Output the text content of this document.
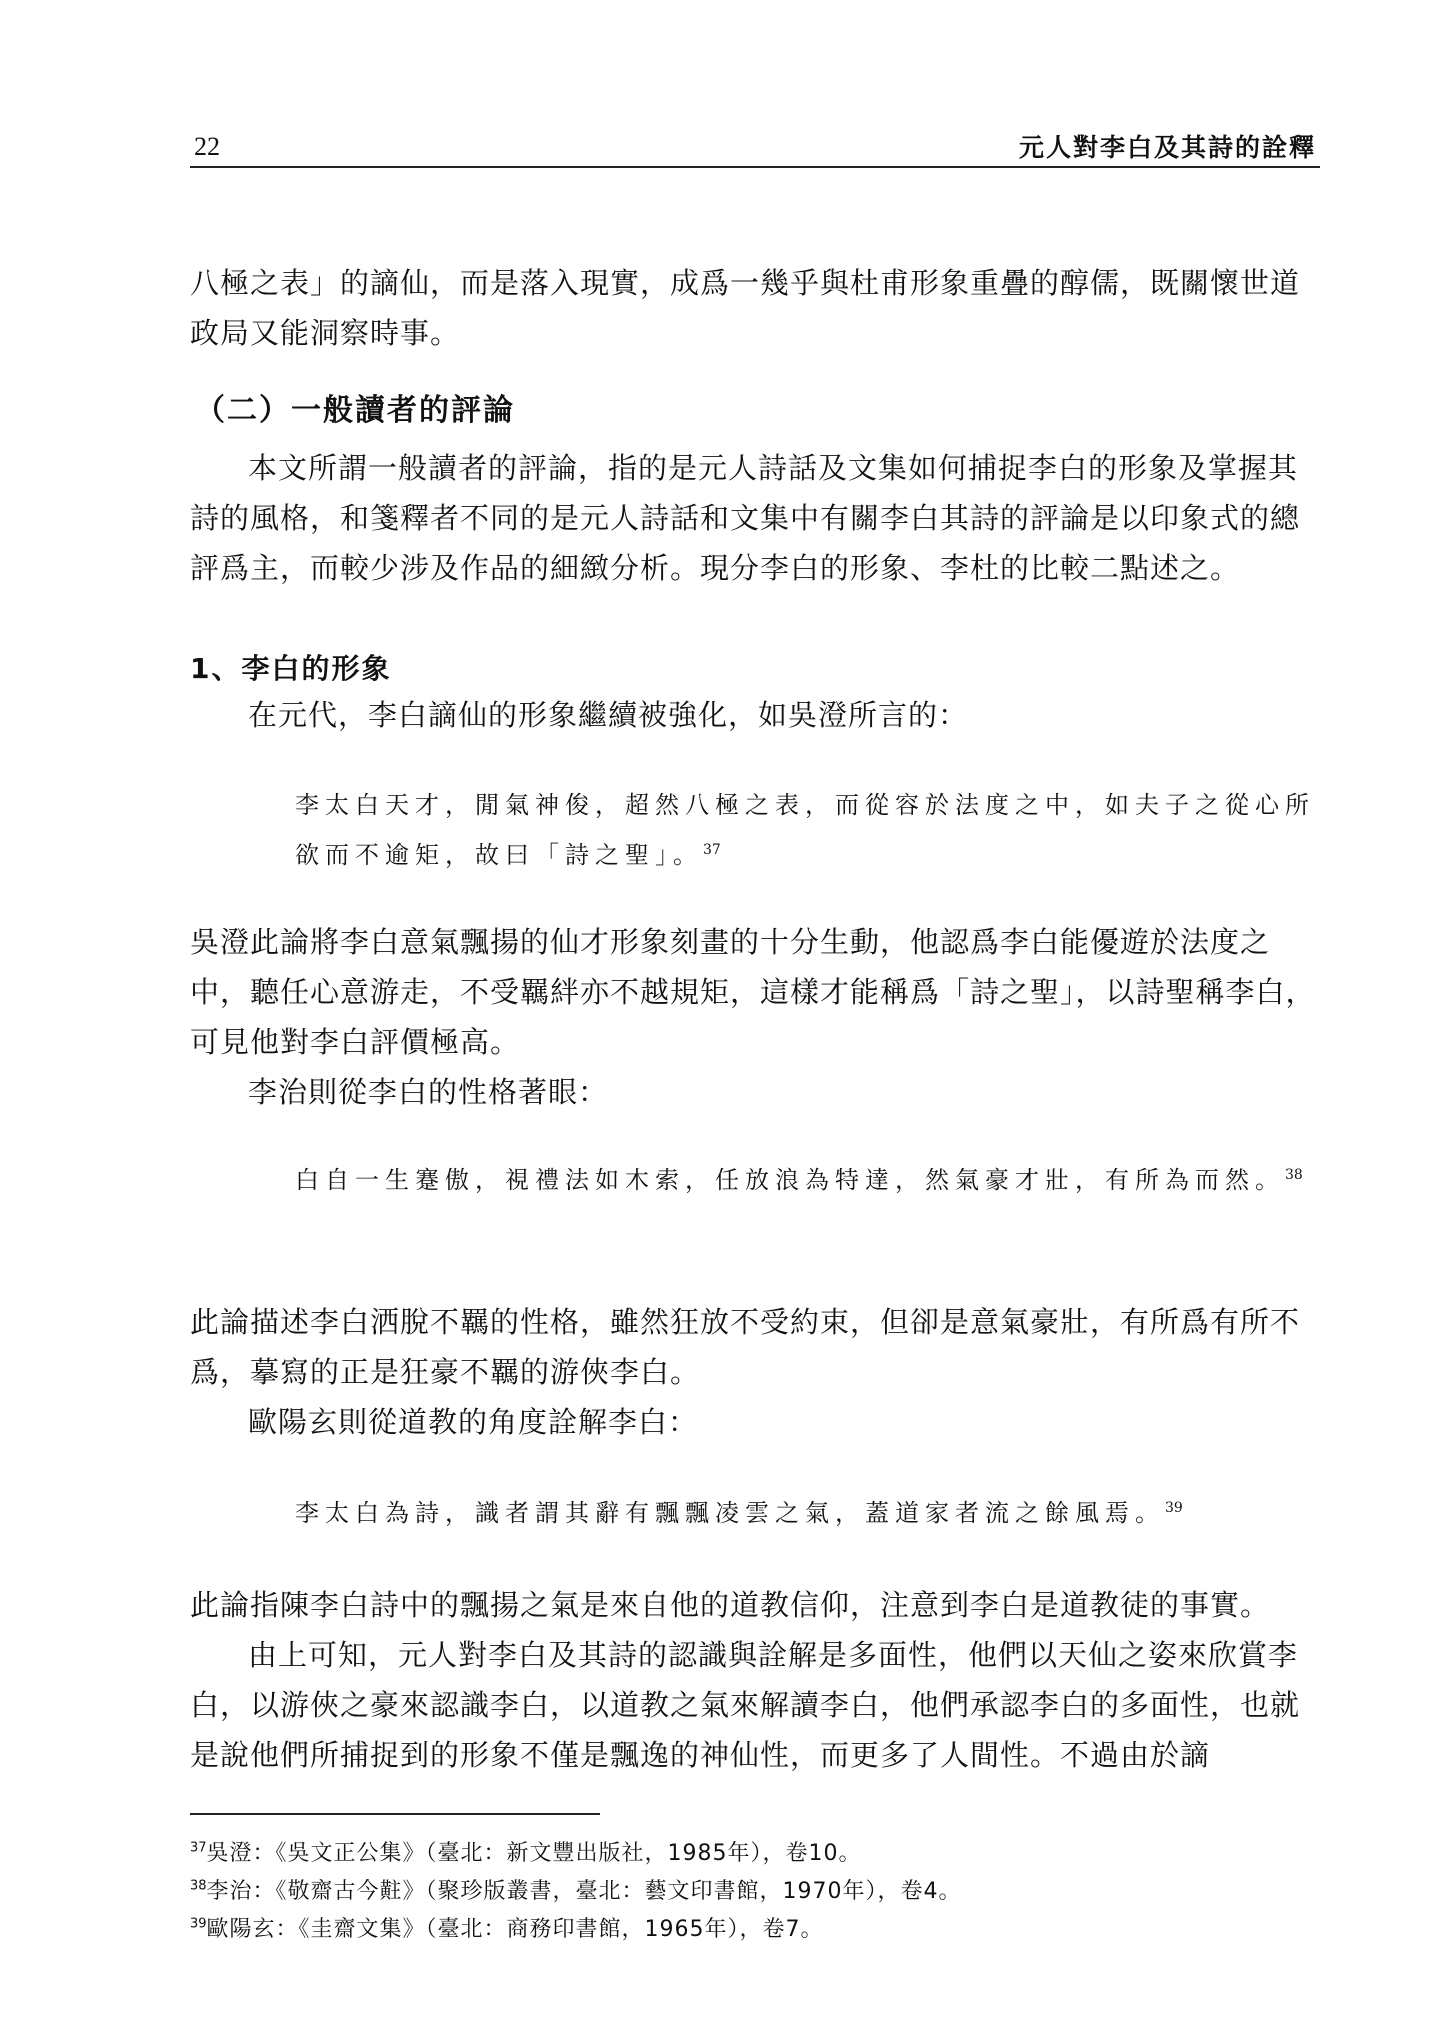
22	元人對李白及其詩的詮釋

八極之表」的謫仙，而是落入現實，成爲一幾乎與杜甫形象重疊的醇儒，既關懷世道政局又能洞察時事。

（二）一般讀者的評論

本文所謂一般讀者的評論，指的是元人詩話及文集如何捕捉李白的形象及掌握其詩的風格，和箋釋者不同的是元人詩話和文集中有關李白其詩的評論是以印象式的總評爲主，而較少涉及作品的細緻分析。現分李白的形象、李杜的比較二點述之。

1、李白的形象

在元代，李白謫仙的形象繼續被強化，如吳澄所言的：

李太白天才，閒氣神俊，超然八極之表，而從容於法度之中，如夫子之從心所欲而不逾矩，故曰「詩之聖」。$^{37}$

吳澄此論將李白意氣飄揚的仙才形象刻畫的十分生動，他認爲李白能優遊於法度之中，聽任心意游走，不受羈絆亦不越規矩，這樣才能稱爲「詩之聖」，以詩聖稱李白，可見他對李白評價極高。

李治則從李白的性格著眼：

白自一生蹇傲，視禮法如木索，任放浪為特達，然氣豪才壯，有所為而然。$^{38}$

此論描述李白洒脫不羈的性格，雖然狂放不受約束，但卻是意氣豪壯，有所爲有所不爲，摹寫的正是狂豪不羈的游俠李白。

歐陽玄則從道教的角度詮解李白：

李太白為詩，識者謂其辭有飄飄凌雲之氣，蓋道家者流之餘風焉。$^{39}$

此論指陳李白詩中的飄揚之氣是來自他的道教信仰，注意到李白是道教徒的事實。

由上可知，元人對李白及其詩的認識與詮解是多面性，他們以天仙之姿來欣賞李白，以游俠之豪來認識李白，以道教之氣來解讀李白，他們承認李白的多面性，也就是說他們所捕捉到的形象不僅是飄逸的神仙性，而更多了人間性。不過由於謫

$^{37}$吳澄：《吳文正公集》（臺北：新文豐出版社，1985年），卷10。

$^{38}$李治：《敬齋古今黈》（聚珍版叢書，臺北：藝文印書館，1970年），卷4。

$^{39}$歐陽玄：《圭齋文集》（臺北：商務印書館，1965年），卷7。
